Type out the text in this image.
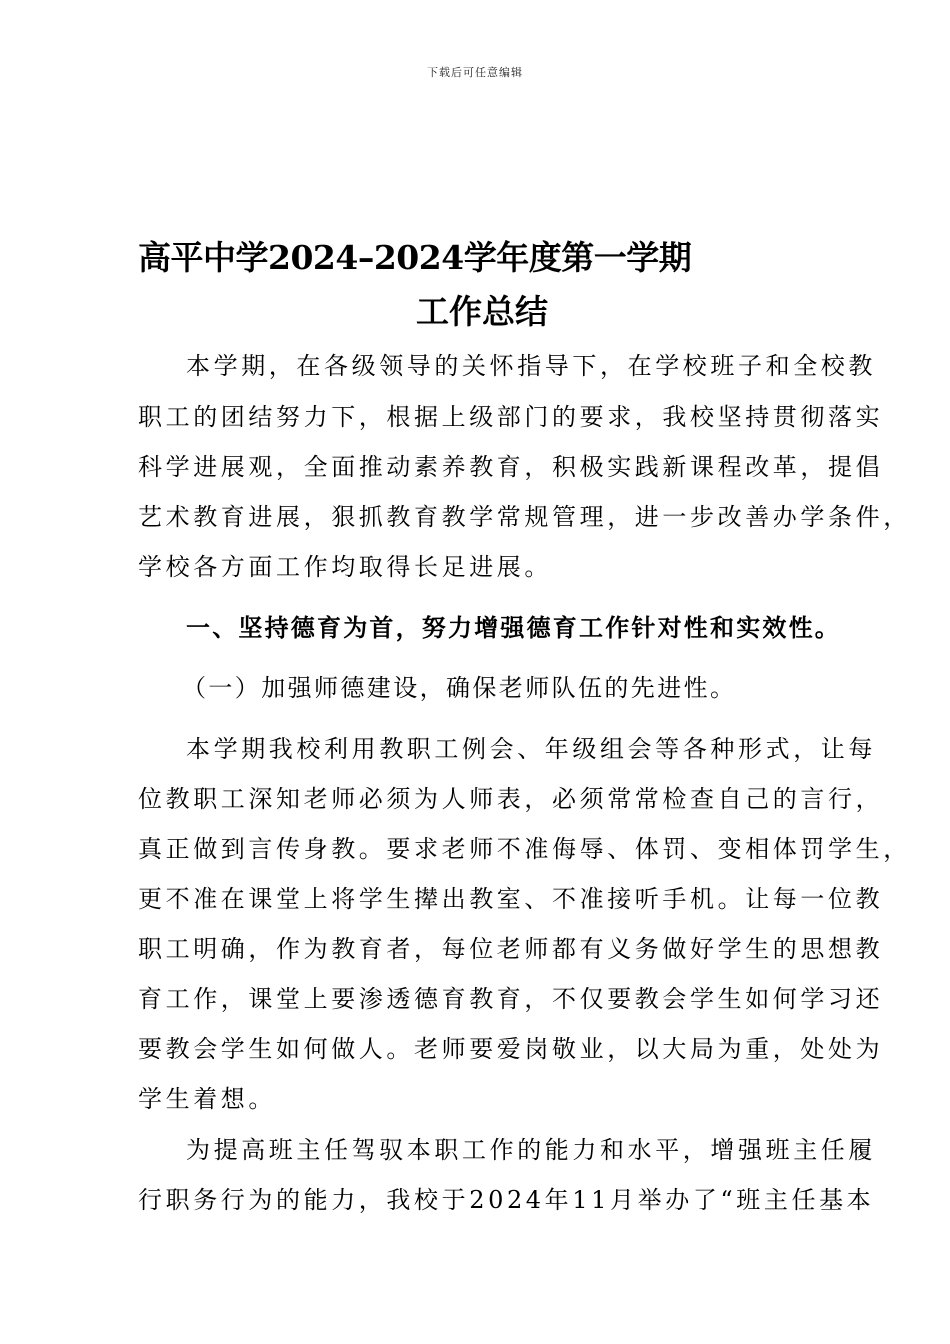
下载后可任意编辑
高平中学2024–2024学年度第一学期
工作总结
本学期，在各级领导的关怀指导下，在学校班子和全校教
职工的团结努力下，根据上级部门的要求，我校坚持贯彻落实
科学进展观，全面推动素养教育，积极实践新课程改革，提倡
艺术教育进展，狠抓教育教学常规管理，进一步改善办学条件，
学校各方面工作均取得长足进展。
一、坚持德育为首，努力增强德育工作针对性和实效性。
（一）加强师德建设，确保老师队伍的先进性。
本学期我校利用教职工例会、年级组会等各种形式，让每
位教职工深知老师必须为人师表，必须常常检查自己的言行，
真正做到言传身教。要求老师不准侮辱、体罚、变相体罚学生，
更不准在课堂上将学生撵出教室、不准接听手机。让每一位教
职工明确，作为教育者，每位老师都有义务做好学生的思想教
育工作，课堂上要渗透德育教育，不仅要教会学生如何学习还
要教会学生如何做人。老师要爱岗敬业，以大局为重，处处为
学生着想。
为提高班主任驾驭本职工作的能力和水平，增强班主任履
行职务行为的能力，我校于2024年11月举办了“班主任基本
